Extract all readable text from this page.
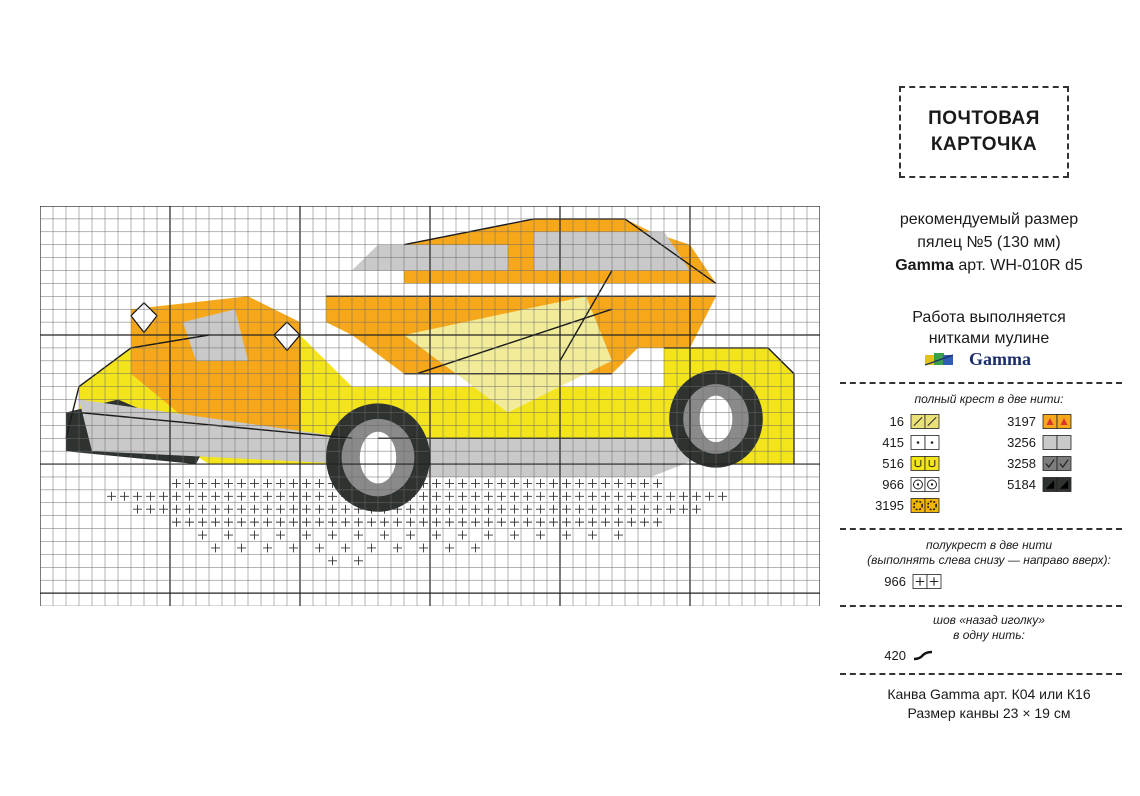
ПОЧТОВАЯ
КАРТОЧКА
рекомендуемый размер
пялец №5 (130 мм)
Gamma арт. WH-010R d5
Работа выполняется
нитками мулине
Gamma
полный крест в две нити:
полукрест в две нити
(выполнять слева снизу — направо вверх):
шов «назад иголку»
в одну нить:
420
Канва Gamma арт. К04 или К16
Размер канвы 23 × 19 см
16
415
516
966
3195
3197
3256
3258
5184
966
